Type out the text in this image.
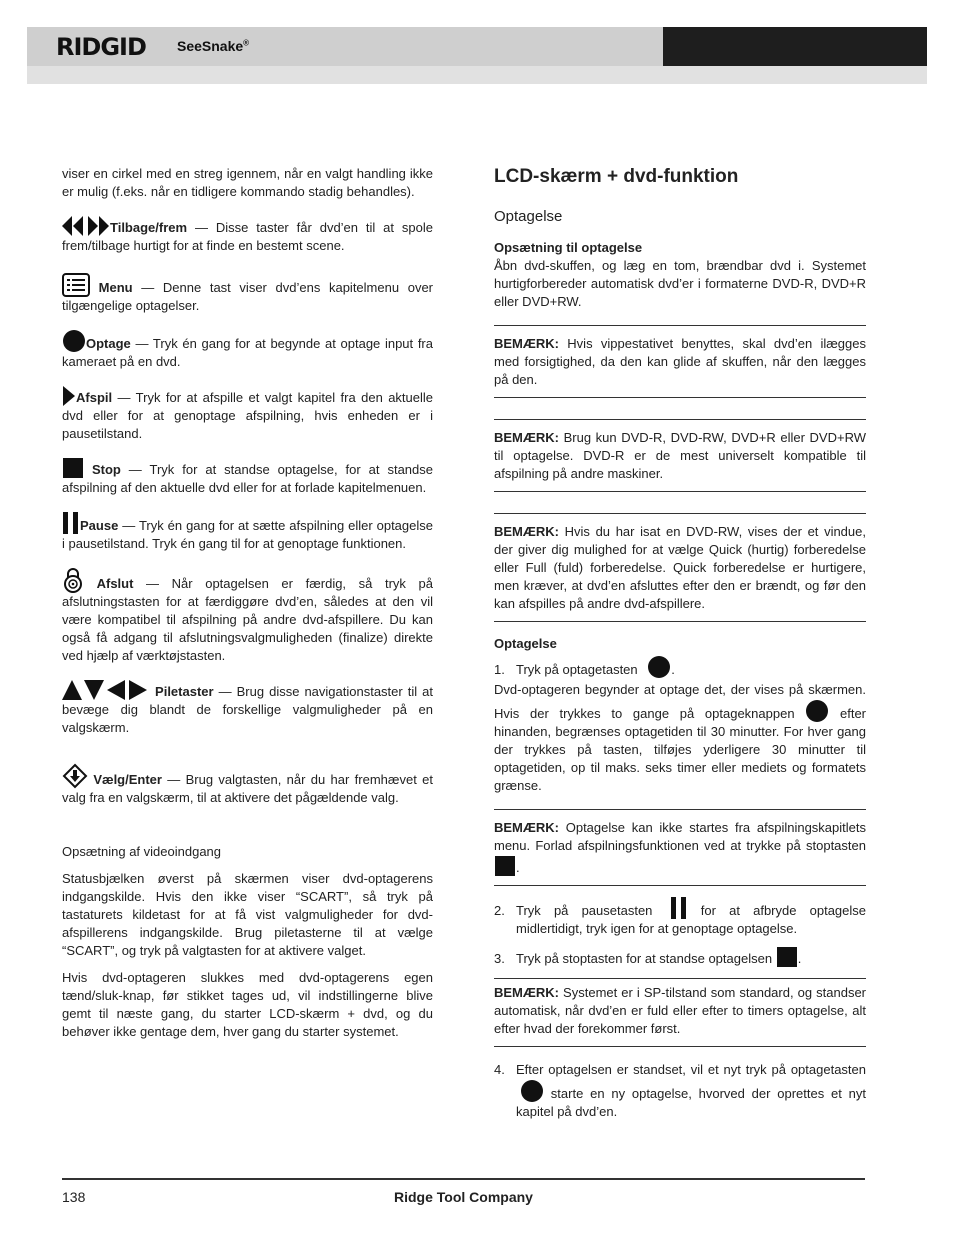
RIDGID SeeSnake®

viser en cirkel med en streg igennem, når en valgt handling ikke er mulig (f.eks. når en tidligere kommando stadig behandles).

Tilbage/frem — Disse taster får dvd’en til at spole frem/tilbage hurtigt for at finde en bestemt scene.

Menu — Denne tast viser dvd’ens kapitelmenu over tilgængelige optagelser.

Optage — Tryk én gang for at begynde at optage input fra kameraet på en dvd.

Afspil — Tryk for at afspille et valgt kapitel fra den aktuelle dvd eller for at genoptage afspilning, hvis enheden er i pausetilstand.

Stop — Tryk for at standse optagelse, for at standse afspilning af den aktuelle dvd eller for at forlade kapitelmenuen.

Pause — Tryk én gang for at sætte afspilning eller optagelse i pausetilstand. Tryk én gang til for at genoptage funktionen.

Afslut — Når optagelsen er færdig, så tryk på afslutningstasten for at færdiggøre dvd’en, således at den vil være kompatibel til afspilning på andre dvd-afspillere. Du kan også få adgang til afslutningsvalgmuligheden (finalize) direkte ved hjælp af værktøjstasten.

Piletaster — Brug disse navigationstaster til at bevæge dig blandt de forskellige valgmuligheder på en valgskærm.

Vælg/Enter — Brug valgtasten, når du har fremhævet et valg fra en valgskærm, til at aktivere det pågældende valg.

Opsætning af videoindgang

Statusbjælken øverst på skærmen viser dvd-optagerens indgangskilde. Hvis den ikke viser “SCART”, så tryk på tastaturets kildetast for at få vist valgmuligheder for dvd-afspillerens indgangskilde. Brug piletasterne til at vælge “SCART”, og tryk på valgtasten for at aktivere valget.

Hvis dvd-optageren slukkes med dvd-optagerens egen tænd/sluk-knap, før stikket tages ud, vil indstillingerne blive gemt til næste gang, du starter LCD-skærm + dvd, og du behøver ikke gentage dem, hver gang du starter systemet.

LCD-skærm + dvd-funktion
Optagelse
Opsætning til optagelse

Åbn dvd-skuffen, og læg en tom, brændbar dvd i. Systemet hurtigforbereder automatisk dvd’er i formaterne DVD-R, DVD+R eller DVD+RW.

BEMÆRK: Hvis vippestativet benyttes, skal dvd’en ilægges med forsigtighed, da den kan glide af skuffen, når den lægges på den.

BEMÆRK: Brug kun DVD-R, DVD-RW, DVD+R eller DVD+RW til optagelse. DVD-R er de mest universelt kompatible til afspilning på andre maskiner.

BEMÆRK: Hvis du har isat en DVD-RW, vises der et vindue, der giver dig mulighed for at vælge Quick (hurtig) forberedelse eller Full (fuld) forberedelse. Quick forberedelse er hurtigere, men kræver, at dvd’en afsluttes efter den er brændt, og før den kan afspilles på andre dvd-afspillere.

Optagelse

1. Tryk på optagetasten	.

Dvd-optageren begynder at optage det, der vises på skærmen. Hvis der trykkes to gange på optageknappen	efter hinanden, begrænses optagetiden til 30 minutter. For hver gang der trykkes på tasten, tilføjes yderligere 30 minutter til optagetiden, op til maks. seks timer eller mediets og formatets grænse.

BEMÆRK: Optagelse kan ikke startes fra afspilningskapitlets menu. Forlad afspilningsfunktionen ved at trykke på stoptasten .

2. Tryk på pausetasten	for at afbryde optagelse midlertidigt, tryk igen for at genoptage optagelse.

3. Tryk på stoptasten for at standse optagelsen .

BEMÆRK: Systemet er i SP-tilstand som standard, og standser automatisk, når dvd’en er fuld eller efter to timers optagelse, alt efter hvad der forekommer først.

4. Efter optagelsen er standset, vil et nyt tryk på optagetasten  starte en ny optagelse, hvorved der oprettes et nyt kapitel på dvd’en.

138	Ridge Tool Company
